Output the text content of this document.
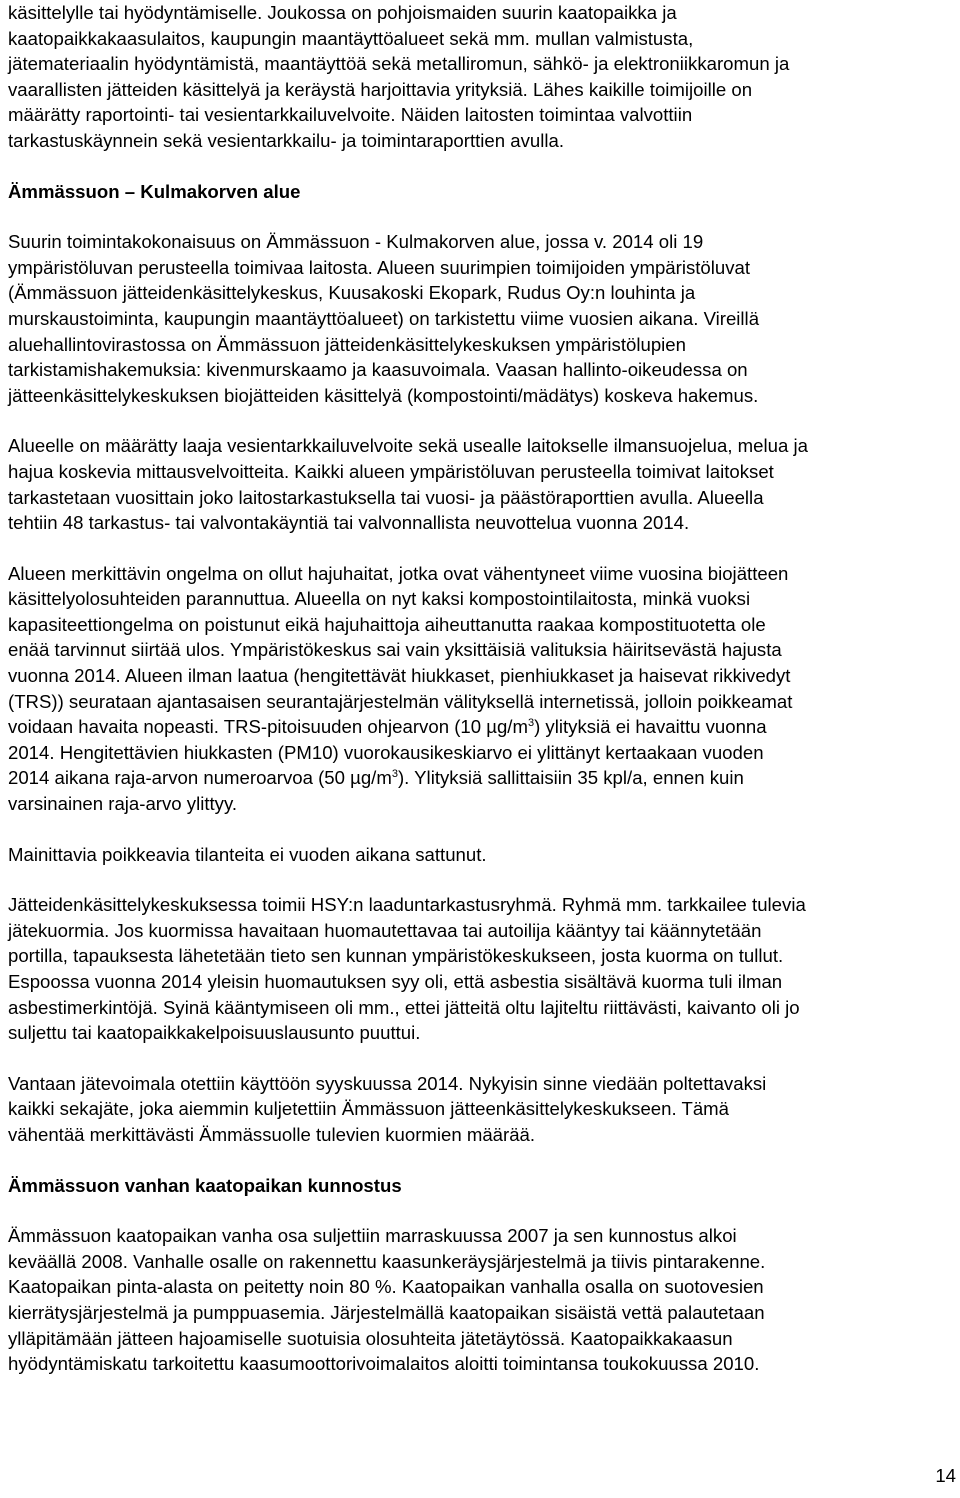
käsittelylle tai hyödyntämiselle. Joukossa on pohjoismaiden suurin kaatopaikka ja
kaatopaikkakaasulaitos, kaupungin maantäyttöalueet sekä mm. mullan valmistusta,
jätemateriaalin hyödyntämistä, maantäyttöä sekä metalliromun, sähkö- ja elektroniikkaromun ja
vaarallisten jätteiden käsittelyä ja keräystä harjoittavia yrityksiä. Lähes kaikille toimijoille on
määrätty raportointi- tai vesientarkkailuvelvoite. Näiden laitosten toimintaa valvottiin
tarkastuskäynnein sekä vesientarkkailu- ja toimintaraporttien avulla.

Ämmässuon – Kulmakorven alue

Suurin toimintakokonaisuus on Ämmässuon - Kulmakorven alue, jossa v. 2014 oli 19
ympäristöluvan perusteella toimivaa laitosta. Alueen suurimpien toimijoiden ympäristöluvat
(Ämmässuon jätteidenkäsittelykeskus, Kuusakoski Ekopark, Rudus Oy:n louhinta ja
murskaustoiminta, kaupungin maantäyttöalueet) on tarkistettu viime vuosien aikana. Vireillä
aluehallintovirastossa on Ämmässuon jätteidenkäsittelykeskuksen ympäristölupien
tarkistamishakemuksia: kivenmurskaamo ja kaasuvoimala. Vaasan hallinto-oikeudessa on
jätteenkäsittelykeskuksen biojätteiden käsittelyä (kompostointi/mädätys) koskeva hakemus.

Alueelle on määrätty laaja vesientarkkailuvelvoite sekä usealle laitokselle ilmansuojelua, melua ja
hajua koskevia mittausvelvoitteita. Kaikki alueen ympäristöluvan perusteella toimivat laitokset
tarkastetaan vuosittain joko laitostarkastuksella tai vuosi- ja päästöraporttien avulla. Alueella
tehtiin 48 tarkastus- tai valvontakäyntiä tai valvonnallista neuvottelua vuonna 2014.

Alueen merkittävin ongelma on ollut hajuhaitat, jotka ovat vähentyneet viime vuosina biojätteen
käsittelyolosuhteiden parannuttua. Alueella on nyt kaksi kompostointilaitosta, minkä vuoksi
kapasiteettiongelma on poistunut eikä hajuhaittoja aiheuttanutta raakaa kompostituotetta ole
enää tarvinnut siirtää ulos. Ympäristökeskus sai vain yksittäisiä valituksia häiritsevästä hajusta
vuonna 2014. Alueen ilman laatua (hengitettävät hiukkaset, pienhiukkaset ja haisevat rikkivedyt
(TRS)) seurataan ajantasaisen seurantajärjestelmän välityksellä internetissä, jolloin poikkeamat
voidaan havaita nopeasti. TRS-pitoisuuden ohjearvon (10 $\mu g/m^3$) ylityksiä ei havaittu vuonna
2014. Hengitettävien hiukkasten (PM10) vuorokausikeskiarvo ei ylittänyt kertaakaan vuoden
2014 aikana raja-arvon numeroarvoa (50 $\mu g/m^3$). Ylityksiä sallittaisiin 35 kpl/a, ennen kuin
varsinainen raja-arvo ylittyy.

Mainittavia poikkeavia tilanteita ei vuoden aikana sattunut.

Jätteidenkäsittelykeskuksessa toimii HSY:n laaduntarkastusryhmä. Ryhmä mm. tarkkailee tulevia
jätekuormia. Jos kuormissa havaitaan huomautettavaa tai autoilija kääntyy tai käännytetään
portilla, tapauksesta lähetetään tieto sen kunnan ympäristökeskukseen, josta kuorma on tullut.
Espoossa vuonna 2014 yleisin huomautuksen syy oli, että asbestia sisältävä kuorma tuli ilman
asbestimerkintöjä. Syinä kääntymiseen oli mm., ettei jätteitä oltu lajiteltu riittävästi, kaivanto oli jo
suljettu tai kaatopaikkakelpoisuuslausunto puuttui.

Vantaan jätevoimala otettiin käyttöön syyskuussa 2014. Nykyisin sinne viedään poltettavaksi
kaikki sekajäte, joka aiemmin kuljetettiin Ämmässuon jätteenkäsittelykeskukseen. Tämä
vähentää merkittävästi Ämmässuolle tulevien kuormien määrää.

Ämmässuon vanhan kaatopaikan kunnostus

Ämmässuon kaatopaikan vanha osa suljettiin marraskuussa 2007 ja sen kunnostus alkoi
keväällä 2008. Vanhalle osalle on rakennettu kaasunkeräysjärjestelmä ja tiivis pintarakenne.
Kaatopaikan pinta-alasta on peitetty noin 80 %. Kaatopaikan vanhalla osalla on suotovesien
kierrätysjärjestelmä ja pumppuasemia. Järjestelmällä kaatopaikan sisäistä vettä palautetaan
ylläpitämään jätteen hajoamiselle suotuisia olosuhteita jätetäytössä. Kaatopaikkakaasun
hyödyntämiskatu tarkoitettu kaasumoottorivoimalaitos aloitti toimintansa toukokuussa 2010.

14
